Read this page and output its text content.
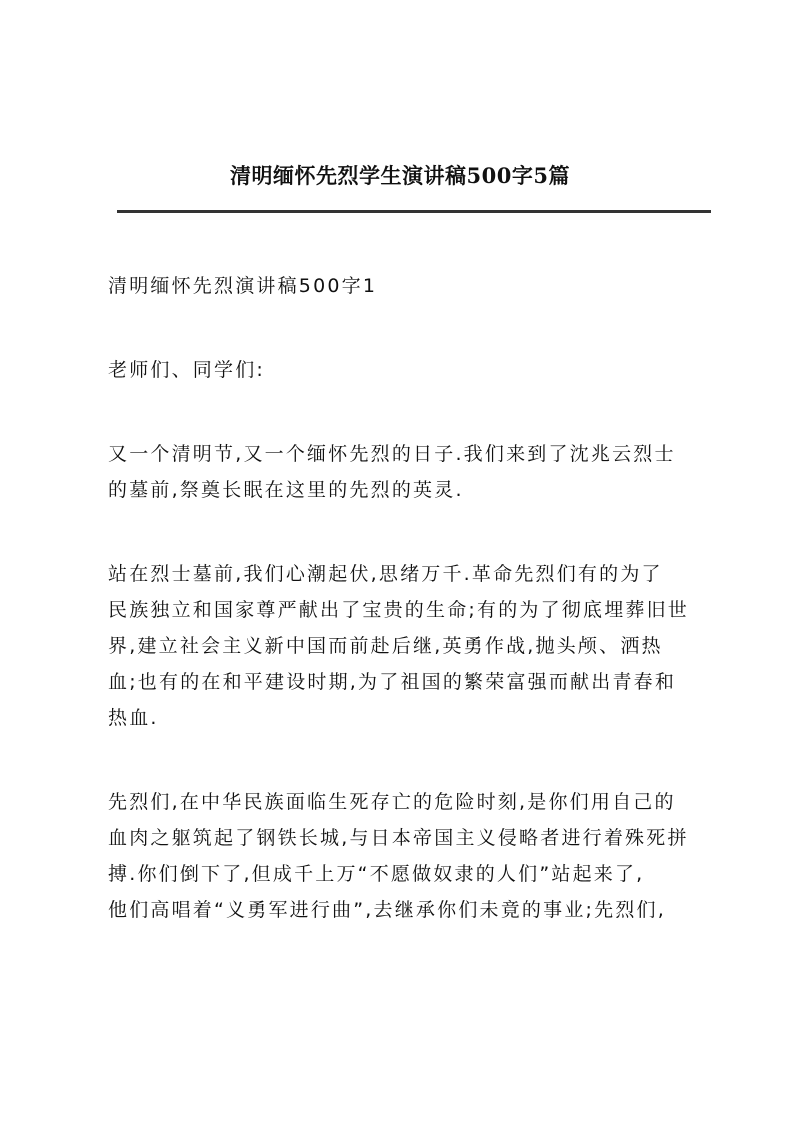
清明缅怀先烈学生演讲稿500字5篇

清明缅怀先烈演讲稿500字1

老师们、同学们:

又一个清明节,又一个缅怀先烈的日子.我们来到了沈兆云烈士
的墓前,祭奠长眠在这里的先烈的英灵.

站在烈士墓前,我们心潮起伏,思绪万千.革命先烈们有的为了
民族独立和国家尊严献出了宝贵的生命;有的为了彻底埋葬旧世
界,建立社会主义新中国而前赴后继,英勇作战,抛头颅、洒热
血;也有的在和平建设时期,为了祖国的繁荣富强而献出青春和
热血.

先烈们,在中华民族面临生死存亡的危险时刻,是你们用自己的
血肉之躯筑起了钢铁长城,与日本帝国主义侵略者进行着殊死拼
搏.你们倒下了,但成千上万“不愿做奴隶的人们”站起来了,
他们高唱着“义勇军进行曲”,去继承你们未竟的事业;先烈们,
